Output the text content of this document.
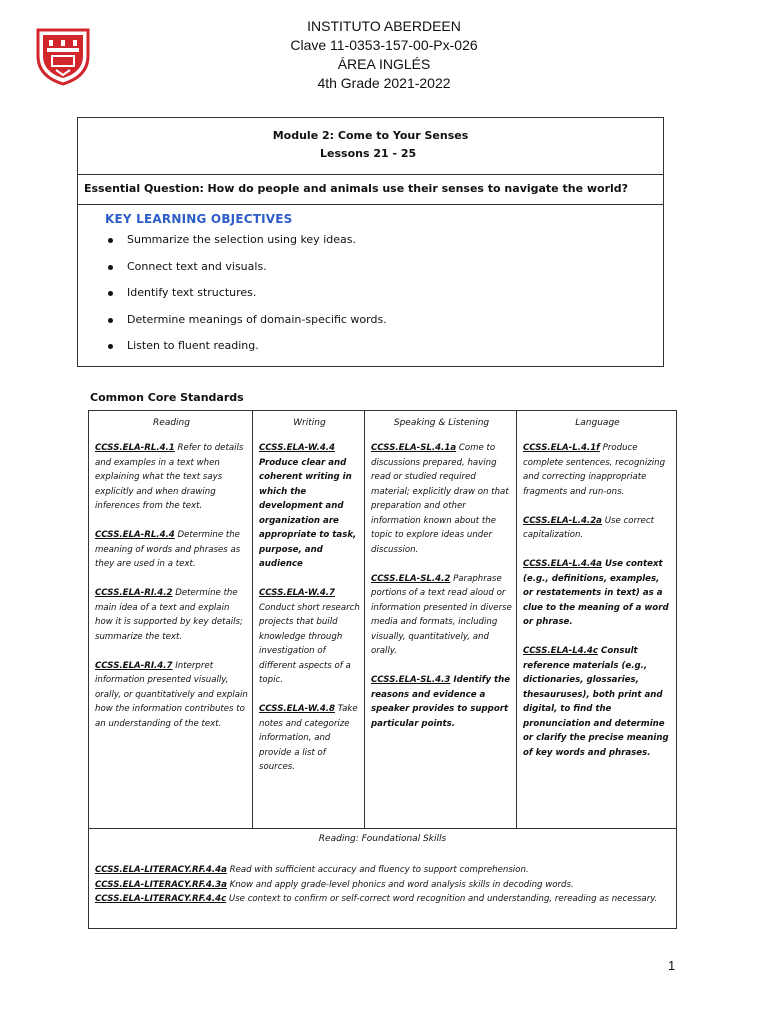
INSTITUTO ABERDEEN
Clave 11-0353-157-00-Px-026
ÁREA INGLÉS
4th Grade 2021-2022
Module 2: Come to Your Senses
Lessons 21 - 25
Essential Question: How do people and animals use their senses to navigate the world?
KEY LEARNING OBJECTIVES
Summarize the selection using key ideas.
Connect text and visuals.
Identify text structures.
Determine meanings of domain-specific words.
Listen to fluent reading.
Common Core Standards
Reading
CCSS.ELA-RL.4.1 Refer to details and examples in a text when explaining what the text says explicitly and when drawing inferences from the text.
CCSS.ELA-RL.4.4 Determine the meaning of words and phrases as they are used in a text.
CCSS.ELA-RI.4.2 Determine the main idea of a text and explain how it is supported by key details; summarize the text.
CCSS.ELA-RI.4.7 Interpret information presented visually, orally, or quantitatively and explain how the information contributes to an understanding of the text.
Writing
CCSS.ELA-W.4.4 Produce clear and coherent writing in which the development and organization are appropriate to task, purpose, and audience
CCSS.ELA-W.4.7 Conduct short research projects that build knowledge through investigation of different aspects of a topic.
CCSS.ELA-W.4.8 Take notes and categorize information, and provide a list of sources.
Speaking & Listening
CCSS.ELA-SL.4.1a Come to discussions prepared, having read or studied required material; explicitly draw on that preparation and other information known about the topic to explore ideas under discussion.
CCSS.ELA-SL.4.2 Paraphrase portions of a text read aloud or information presented in diverse media and formats, including visually, quantitatively, and orally.
CCSS.ELA-SL.4.3 Identify the reasons and evidence a speaker provides to support particular points.
Language
CCSS.ELA-L.4.1f Produce complete sentences, recognizing and correcting inappropriate fragments and run-ons.
CCSS.ELA-L.4.2a Use correct capitalization.
CCSS.ELA-L.4.4a Use context (e.g., definitions, examples, or restatements in text) as a clue to the meaning of a word or phrase.
CCSS.ELA-L4.4c Consult reference materials (e.g., dictionaries, glossaries, thesauruses), both print and digital, to find the pronunciation and determine or clarify the precise meaning of key words and phrases.
Reading: Foundational Skills
CCSS.ELA-LITERACY.RF.4.4a Read with sufficient accuracy and fluency to support comprehension.
CCSS.ELA-LITERACY.RF.4.3a Know and apply grade-level phonics and word analysis skills in decoding words.
CCSS.ELA-LITERACY.RF.4.4c Use context to confirm or self-correct word recognition and understanding, rereading as necessary.
1
